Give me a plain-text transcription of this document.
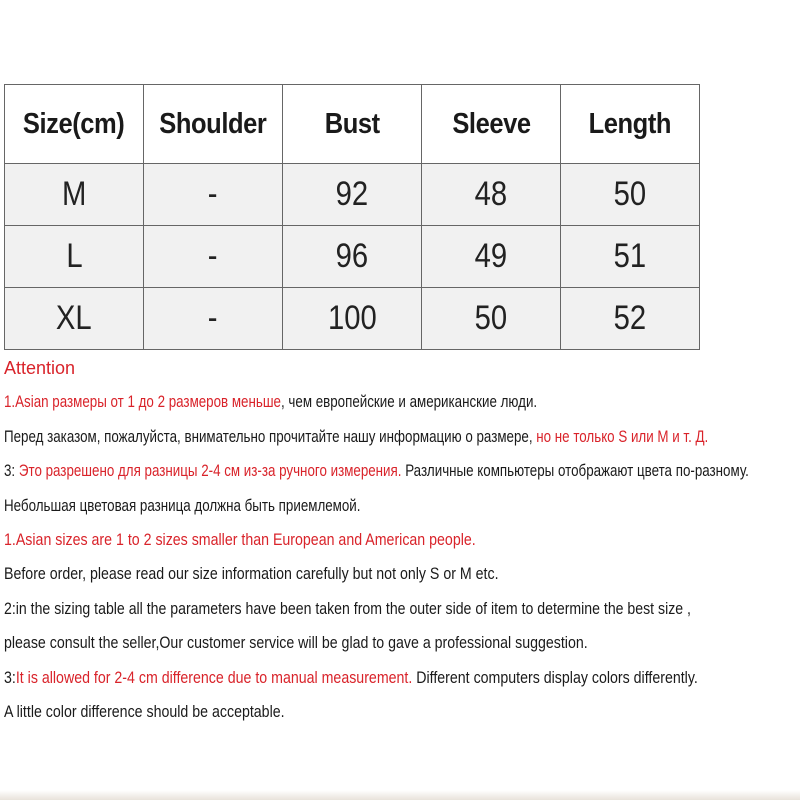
Size(cm)	Shoulder	Bust	Sleeve	Length
M	-	92	48	50
L	-	96	49	51
XL	-	100	50	52
Attention
1.Asian размеры от 1 до 2 размеров меньше, чем европейские и американские люди.
Перед заказом, пожалуйста, внимательно прочитайте нашу информацию о размере, но не только S или M и т. Д.
3: Это разрешено для разницы 2-4 см из-за ручного измерения. Различные компьютеры отображают цвета по-разному.
Небольшая цветовая разница должна быть приемлемой.
1.Asian sizes are 1 to 2 sizes smaller than European and American people.
Before order, please read our size information carefully but not only S or M etc.
2:in the sizing table all the parameters have been taken from the outer side of item to determine the best size ,
please consult the seller,Our customer service will be glad to gave a professional suggestion.
3:It is allowed for 2-4 cm difference due to manual measurement. Different computers display colors differently.
A little color difference should be acceptable.
